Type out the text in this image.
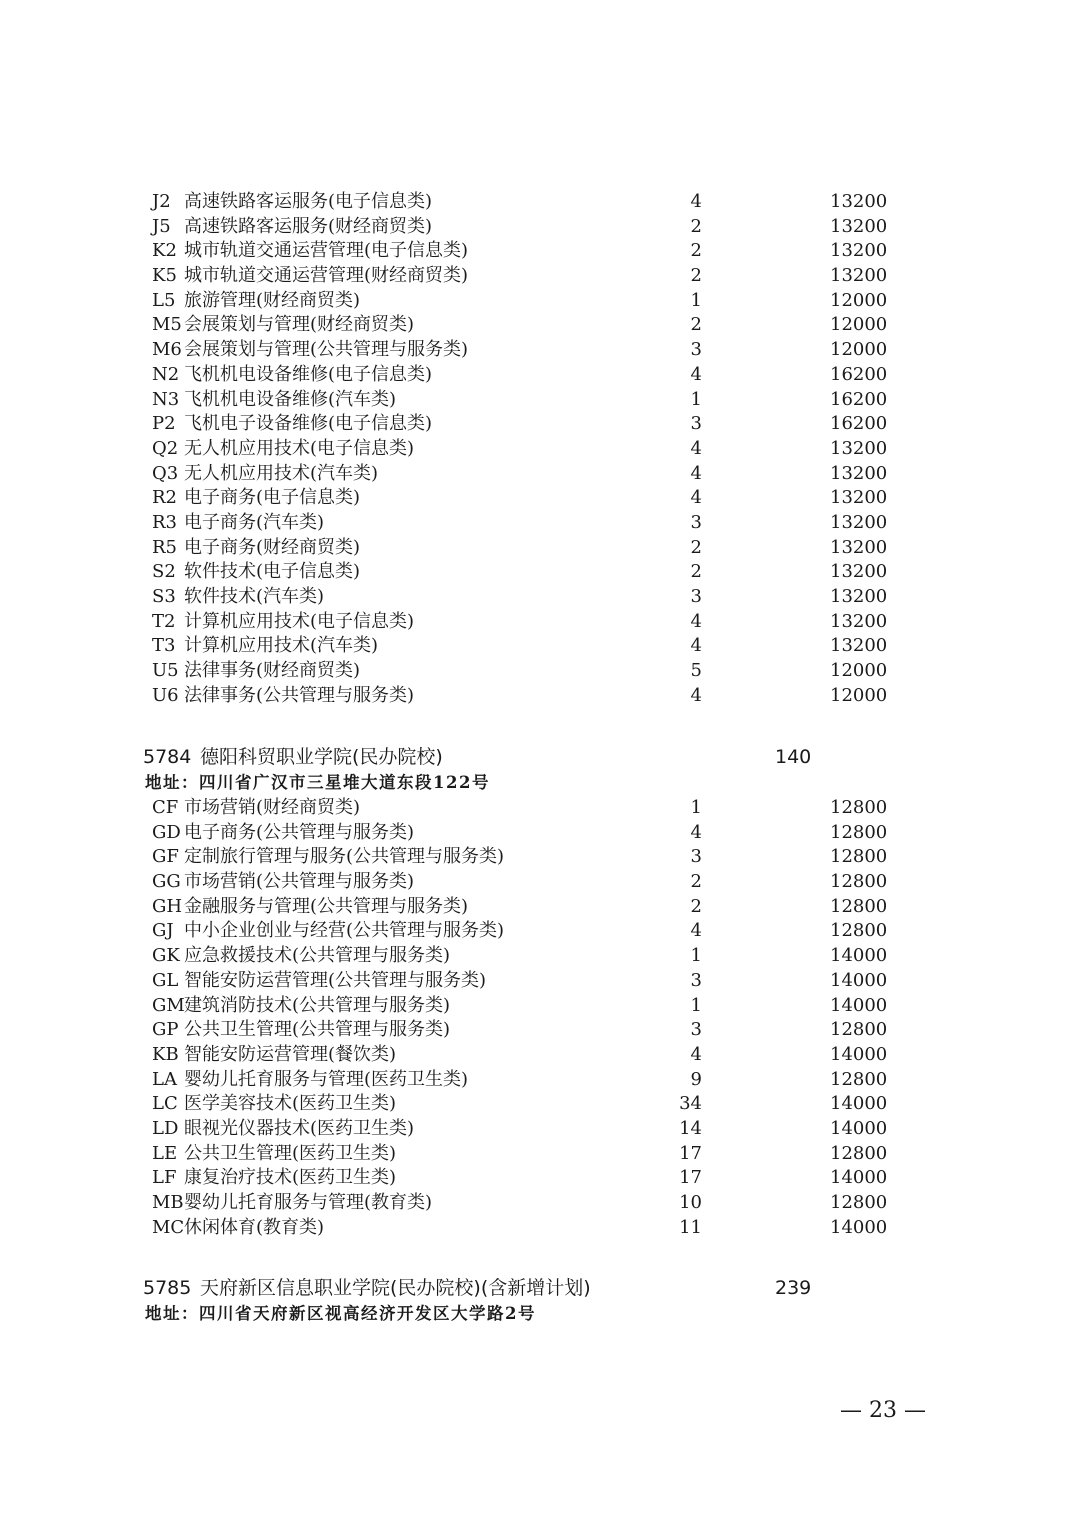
J2 高速铁路客运服务(电子信息类)	4	13200
J5 高速铁路客运服务(财经商贸类)	2	13200
K2 城市轨道交通运营管理(电子信息类)	2	13200
K5 城市轨道交通运营管理(财经商贸类)	2	13200
L5 旅游管理(财经商贸类)	1	12000
M5 会展策划与管理(财经商贸类)	2	12000
M6 会展策划与管理(公共管理与服务类)	3	12000
N2 飞机机电设备维修(电子信息类)	4	16200
N3 飞机机电设备维修(汽车类)	1	16200
P2 飞机电子设备维修(电子信息类)	3	16200
Q2 无人机应用技术(电子信息类)	4	13200
Q3 无人机应用技术(汽车类)	4	13200
R2 电子商务(电子信息类)	4	13200
R3 电子商务(汽车类)	3	13200
R5 电子商务(财经商贸类)	2	13200
S2 软件技术(电子信息类)	2	13200
S3 软件技术(汽车类)	3	13200
T2 计算机应用技术(电子信息类)	4	13200
T3 计算机应用技术(汽车类)	4	13200
U5 法律事务(财经商贸类)	5	12000
U6 法律事务(公共管理与服务类)	4	12000
5784 德阳科贸职业学院(民办院校)	140
地址：四川省广汉市三星堆大道东段122号
CF 市场营销(财经商贸类)	1	12800
GD 电子商务(公共管理与服务类)	4	12800
GF 定制旅行管理与服务(公共管理与服务类)	3	12800
GG 市场营销(公共管理与服务类)	2	12800
GH 金融服务与管理(公共管理与服务类)	2	12800
GJ 中小企业创业与经营(公共管理与服务类)	4	12800
GK 应急救援技术(公共管理与服务类)	1	14000
GL 智能安防运营管理(公共管理与服务类)	3	14000
GM 建筑消防技术(公共管理与服务类)	1	14000
GP 公共卫生管理(公共管理与服务类)	3	12800
KB 智能安防运营管理(餐饮类)	4	14000
LA 婴幼儿托育服务与管理(医药卫生类)	9	12800
LC 医学美容技术(医药卫生类)	34	14000
LD 眼视光仪器技术(医药卫生类)	14	14000
LE 公共卫生管理(医药卫生类)	17	12800
LF 康复治疗技术(医药卫生类)	17	14000
MB 婴幼儿托育服务与管理(教育类)	10	12800
MC 休闲体育(教育类)	11	14000
5785 天府新区信息职业学院(民办院校)(含新增计划)	239
地址：四川省天府新区视高经济开发区大学路2号
— 23 —
